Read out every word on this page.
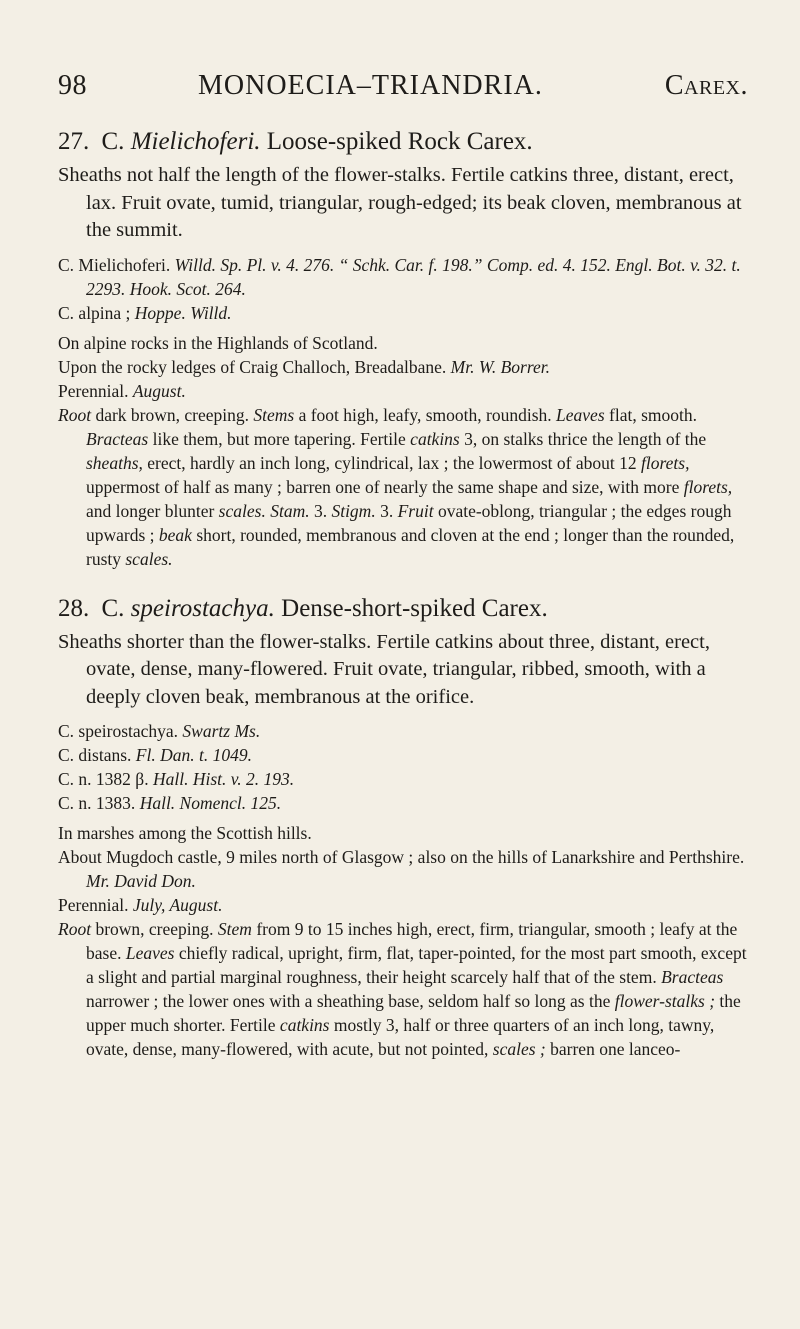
98	MONOECIA–TRIANDRIA.	Carex.

27. C. Mielichoferi. Loose-spiked Rock Carex.

Sheaths not half the length of the flower-stalks. Fertile catkins three, distant, erect, lax. Fruit ovate, tumid, triangular, rough-edged; its beak cloven, membranous at the summit.

C. Mielichoferi. Willd. Sp. Pl. v. 4. 276. “ Schk. Car. f. 198.” Comp. ed. 4. 152. Engl. Bot. v. 32. t. 2293. Hook. Scot. 264.

C. alpina ; Hoppe. Willd.

On alpine rocks in the Highlands of Scotland.

Upon the rocky ledges of Craig Challoch, Breadalbane. Mr. W. Borrer.

Perennial. August.

Root dark brown, creeping. Stems a foot high, leafy, smooth, roundish. Leaves flat, smooth. Bracteas like them, but more tapering. Fertile catkins 3, on stalks thrice the length of the sheaths, erect, hardly an inch long, cylindrical, lax ; the lowermost of about 12 florets, uppermost of half as many ; barren one of nearly the same shape and size, with more florets, and longer blunter scales. Stam. 3. Stigm. 3. Fruit ovate-oblong, triangular ; the edges rough upwards ; beak short, rounded, membranous and cloven at the end ; longer than the rounded, rusty scales.

28. C. speirostachya. Dense-short-spiked Carex.

Sheaths shorter than the flower-stalks. Fertile catkins about three, distant, erect, ovate, dense, many-flowered. Fruit ovate, triangular, ribbed, smooth, with a deeply cloven beak, membranous at the orifice.

C. speirostachya. Swartz Ms.

C. distans. Fl. Dan. t. 1049.

C. n. 1382 β. Hall. Hist. v. 2. 193.

C. n. 1383. Hall. Nomencl. 125.

In marshes among the Scottish hills.

About Mugdoch castle, 9 miles north of Glasgow ; also on the hills of Lanarkshire and Perthshire. Mr. David Don.

Perennial. July, August.

Root brown, creeping. Stem from 9 to 15 inches high, erect, firm, triangular, smooth ; leafy at the base. Leaves chiefly radical, upright, firm, flat, taper-pointed, for the most part smooth, except a slight and partial marginal roughness, their height scarcely half that of the stem. Bracteas narrower ; the lower ones with a sheathing base, seldom half so long as the flower-stalks ; the upper much shorter. Fertile catkins mostly 3, half or three quarters of an inch long, tawny, ovate, dense, many-flowered, with acute, but not pointed, scales ; barren one lanceo-
